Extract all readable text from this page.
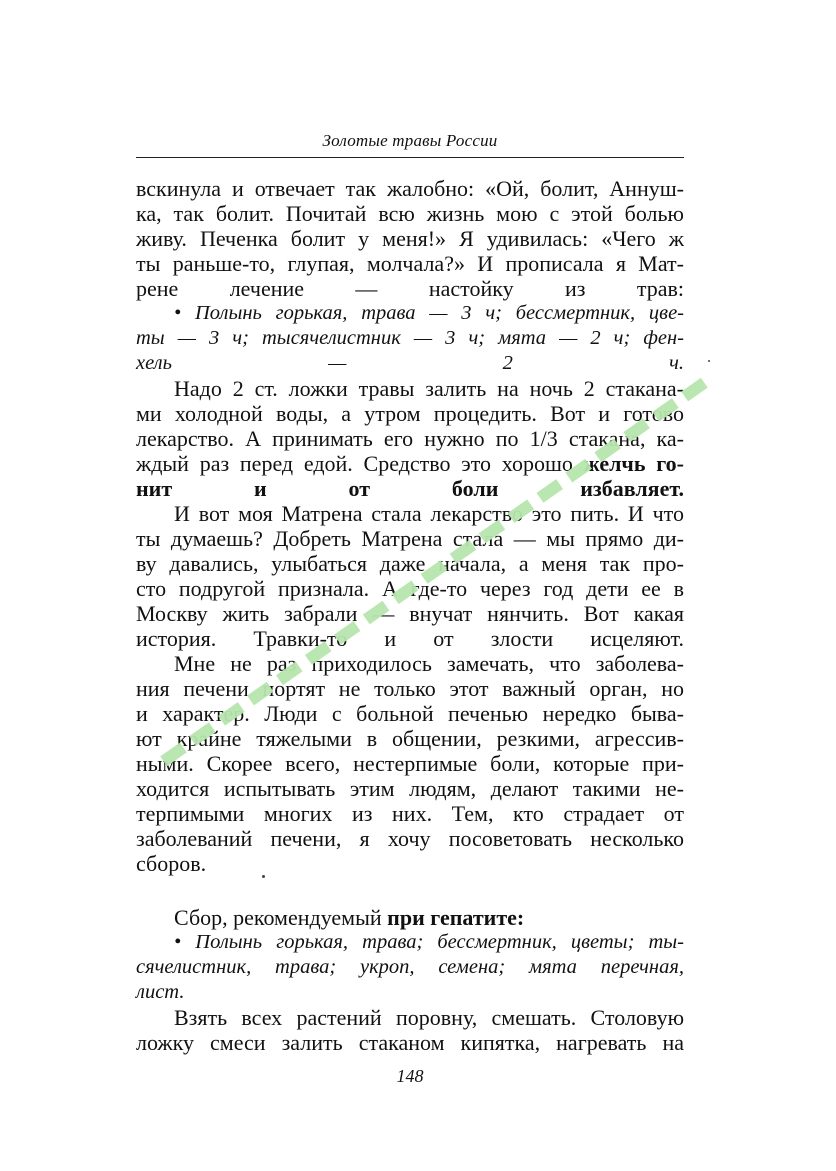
Золотые травы России

вскинула и отвечает так жалобно: «Ой, болит, Аннуш-
ка, так болит. Почитай всю жизнь мою с этой болью
живу. Печенка болит у меня!» Я удивилась: «Чего ж
ты раньше-то, глупая, молчала?» И прописала я Мат-
рене лечение — настойку из трав:

• Полынь горькая, трава — 3 ч; бессмертник, цве-
ты — 3 ч; тысячелистник — 3 ч; мята — 2 ч; фен-
хель — 2 ч.

Надо 2 ст. ложки травы залить на ночь 2 стакана-
ми холодной воды, а утром процедить. Вот и готово
лекарство. А принимать его нужно по 1/3 стакана, ка-
ждый раз перед едой. Средство это хорошо желчь го-
нит и от боли избавляет.

И вот моя Матрена стала лекарство это пить. И что
ты думаешь? Добреть Матрена стала — мы прямо ди-
ву давались, улыбаться даже начала, а меня так про-
сто подругой признала. А где-то через год дети ее в
Москву жить забрали — внучат нянчить. Вот какая
история. Травки-то и от злости исцеляют.

Мне не раз приходилось замечать, что заболева-
ния печени портят не только этот важный орган, но
и характер. Люди с больной печенью нередко быва-
ют крайне тяжелыми в общении, резкими, агрессив-
ными. Скорее всего, нестерпимые боли, которые при-
ходится испытывать этим людям, делают такими не-
терпимыми многих из них. Тем, кто страдает от
заболеваний печени, я хочу посоветовать несколько
сборов.

Сбор, рекомендуемый при гепатите:

• Полынь горькая, трава; бессмертник, цветы; ты-
сячелистник, трава; укроп, семена; мята перечная,
лист.

Взять всех растений поровну, смешать. Столовую
ложку смеси залить стаканом кипятка, нагревать на

148
